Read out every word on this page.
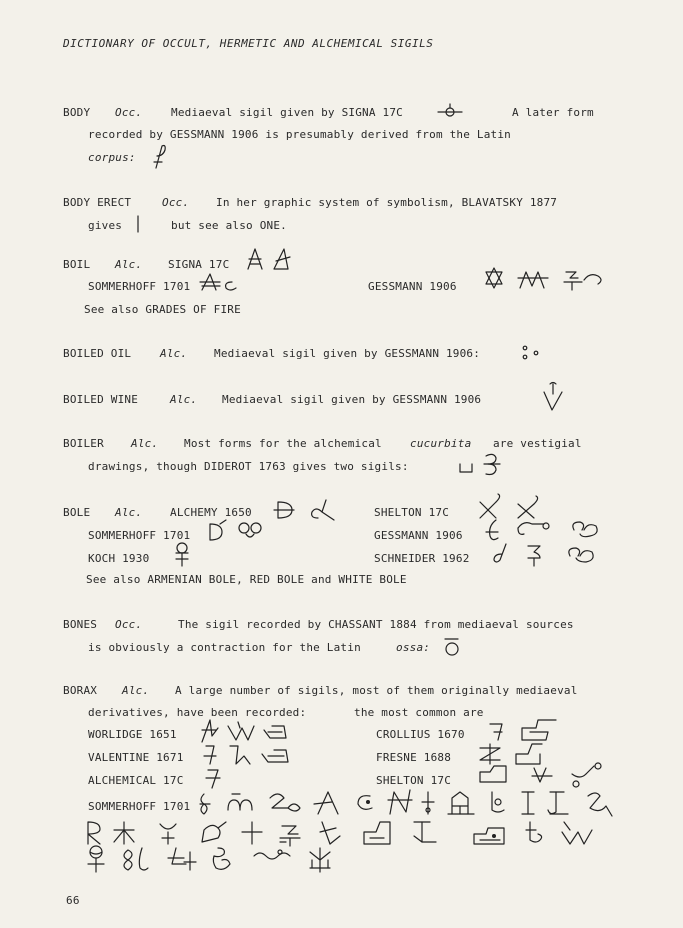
DICTIONARY OF OCCULT, HERMETIC AND ALCHEMICAL SIGILS
BODY Occ.	Mediaeval sigil given by SIGNA 17C	A later form
recorded by GESSMANN 1906 is presumably derived from the Latin
corpus:
BODY ERECT	Occ. In her graphic system of symbolism, BLAVATSKY 1877
gives	but see also ONE.
BOIL Alc. SIGNA 17C
SOMMERHOFF 1701	GESSMANN 1906
See also GRADES OF FIRE
BOILED OIL	Alc. Mediaeval sigil given by GESSMANN 1906:
BOILED WINE	Alc. Mediaeval sigil given by GESSMANN 1906
BOILER Alc. Most forms for the alchemical	cucurbita are vestigial
drawings, though DIDEROT 1763 gives two sigils:
BOLE Alc.	ALCHEMY 1650	SHELTON 17C
SOMMERHOFF 1701	GESSMANN 1906
KOCH 1930	SCHNEIDER 1962
See also ARMENIAN BOLE, RED BOLE and WHITE BOLE
BONES Occ.	The sigil recorded by CHASSANT 1884 from mediaeval sources
is obviously a contraction for the Latin	ossa:
BORAX Alc. A large number of sigils, most of them originally mediaeval
derivatives, have been recorded:	the most common are
WORLIDGE 1651	CROLLIUS 1670
VALENTINE 1671	FRESNE 1688
ALCHEMICAL 17C	SHELTON 17C
SOMMERHOFF 1701
66
